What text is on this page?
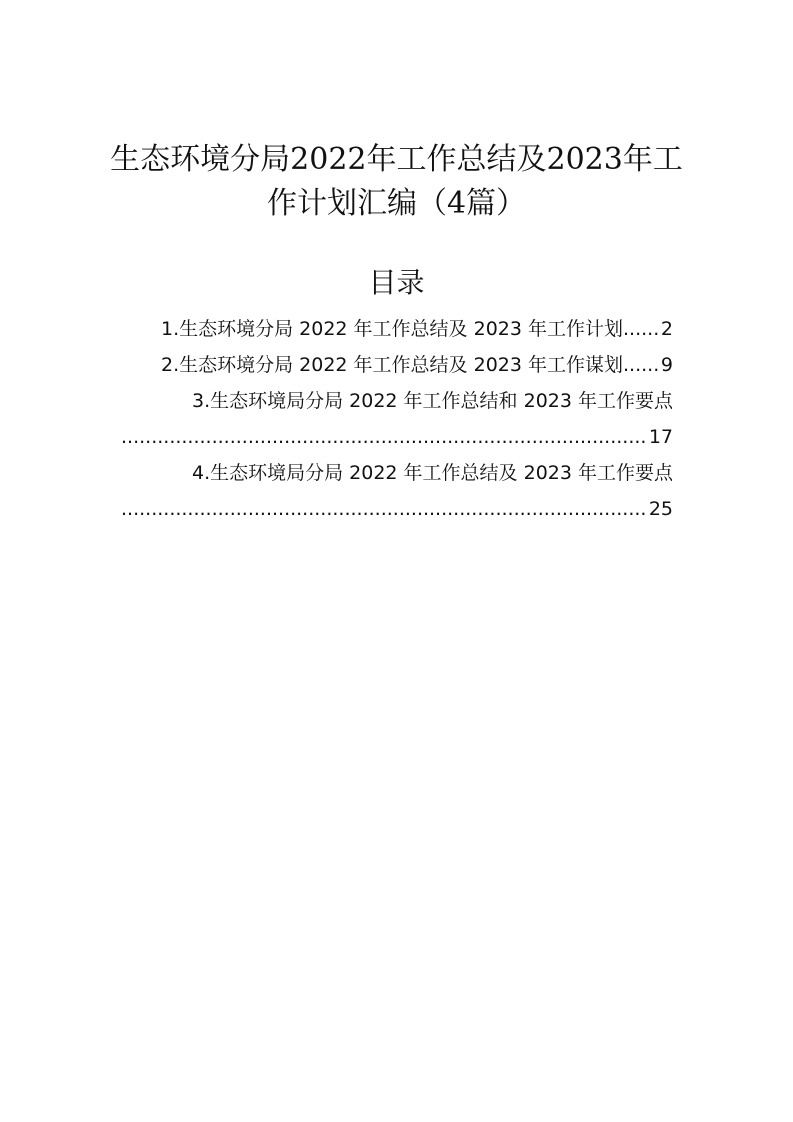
生态环境分局2022年工作总结及2023年工
作计划汇编（4篇）
目录
1.生态环境分局 2022 年工作总结及 2023 年工作计划 ..... 2
2.生态环境分局 2022 年工作总结及 2023 年工作谋划 ..... 9
3.生态环境局分局 2022 年工作总结和 2023 年工作要点
.....
17
4.生态环境局分局 2022 年工作总结及 2023 年工作要点
.....
25
